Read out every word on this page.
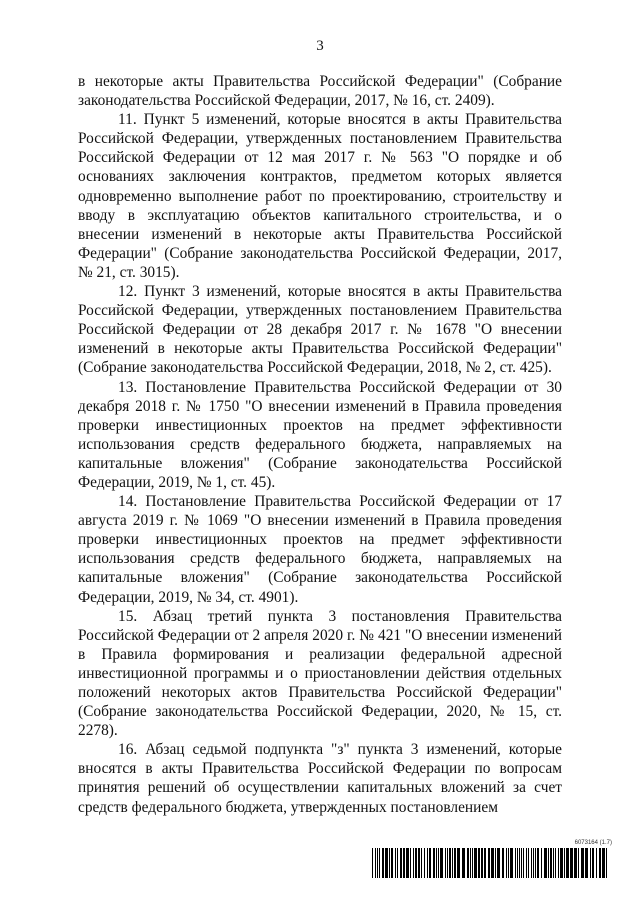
3

в некоторые акты Правительства Российской Федерации" (Собрание законодательства Российской Федерации, 2017, № 16, ст. 2409).

11. Пункт 5 изменений, которые вносятся в акты Правительства Российской Федерации, утвержденных постановлением Правительства Российской Федерации от 12 мая 2017 г. № 563 "О порядке и об основаниях заключения контрактов, предметом которых является одновременно выполнение работ по проектированию, строительству и вводу в эксплуатацию объектов капитального строительства, и о внесении изменений в некоторые акты Правительства Российской Федерации" (Собрание законодательства Российской Федерации, 2017, № 21, ст. 3015).

12. Пункт 3 изменений, которые вносятся в акты Правительства Российской Федерации, утвержденных постановлением Правительства Российской Федерации от 28 декабря 2017 г. № 1678 "О внесении изменений в некоторые акты Правительства Российской Федерации" (Собрание законодательства Российской Федерации, 2018, № 2, ст. 425).

13. Постановление Правительства Российской Федерации от 30 декабря 2018 г. № 1750 "О внесении изменений в Правила проведения проверки инвестиционных проектов на предмет эффективности использования средств федерального бюджета, направляемых на капитальные вложения" (Собрание законодательства Российской Федерации, 2019, № 1, ст. 45).

14. Постановление Правительства Российской Федерации от 17 августа 2019 г. № 1069 "О внесении изменений в Правила проведения проверки инвестиционных проектов на предмет эффективности использования средств федерального бюджета, направляемых на капитальные вложения" (Собрание законодательства Российской Федерации, 2019, № 34, ст. 4901).

15. Абзац третий пункта 3 постановления Правительства Российской Федерации от 2 апреля 2020 г. № 421 "О внесении изменений в Правила формирования и реализации федеральной адресной инвестиционной программы и о приостановлении действия отдельных положений некоторых актов Правительства Российской Федерации" (Собрание законодательства Российской Федерации, 2020, № 15, ст. 2278).

16. Абзац седьмой подпункта "з" пункта 3 изменений, которые вносятся в акты Правительства Российской Федерации по вопросам принятия решений об осуществлении капитальных вложений за счет средств федерального бюджета, утвержденных постановлением

6073164 (1.7)
